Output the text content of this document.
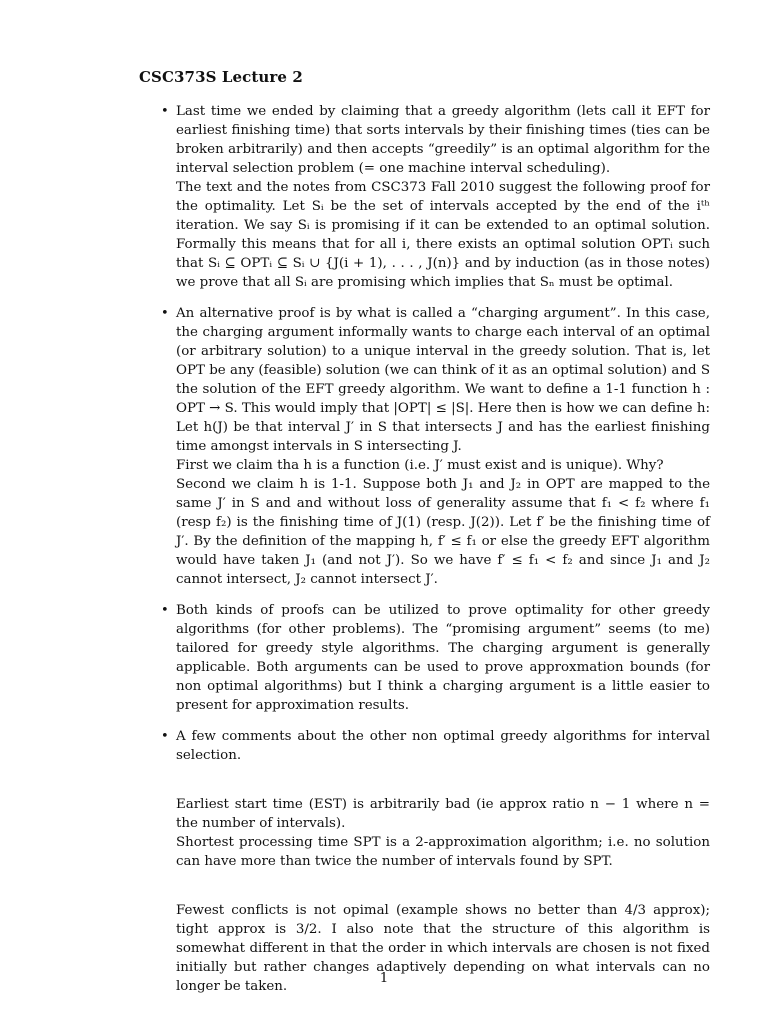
CSC373S Lecture 2
• Last time we ended by claiming that a greedy algorithm (lets call it EFT for earliest finishing time) that sorts intervals by their finishing times (ties can be broken arbitrarily) and then accepts “greedily” is an optimal algorithm for the interval selection problem (= one machine interval scheduling).

The text and the notes from CSC373 Fall 2010 suggest the following proof for the optimality. Let Sᵢ be the set of intervals accepted by the end of the iᵗʰ iteration. We say Sᵢ is promising if it can be extended to an optimal solution. Formally this means that for all i, there exists an optimal solution OPTᵢ such that Sᵢ ⊆ OPTᵢ ⊆ Sᵢ ∪ {J(i + 1), . . . , J(n)} and by induction (as in those notes) we prove that all Sᵢ are promising which implies that Sₙ must be optimal.

• An alternative proof is by what is called a “charging argument”. In this case, the charging argument informally wants to charge each interval of an optimal (or arbitrary solution) to a unique interval in the greedy solution. That is, let OPT be any (feasible) solution (we can think of it as an optimal solution) and S the solution of the EFT greedy algorithm. We want to define a 1-1 function h : OPT → S. This would imply that |OPT| ≤ |S|. Here then is how we can define h: Let h(J) be that interval J′ in S that intersects J and has the earliest finishing time amongst intervals in S intersecting J.

First we claim tha h is a function (i.e. J′ must exist and is unique). Why?

Second we claim h is 1-1. Suppose both J₁ and J₂ in OPT are mapped to the same J′ in S and and without loss of generality assume that f₁ < f₂ where f₁ (resp f₂) is the finishing time of J(1) (resp. J(2)). Let f′ be the finishing time of J′. By the definition of the mapping h, f′ ≤ f₁ or else the greedy EFT algorithm would have taken J₁ (and not J′). So we have f′ ≤ f₁ < f₂ and since J₁ and J₂ cannot intersect, J₂ cannot intersect J′.

• Both kinds of proofs can be utilized to prove optimality for other greedy algorithms (for other problems). The “promising argument” seems (to me) tailored for greedy style algorithms. The charging argument is generally applicable. Both arguments can be used to prove approxmation bounds (for non optimal algorithms) but I think a charging argument is a little easier to present for approximation results.

• A few comments about the other non optimal greedy algorithms for interval selection.

Earliest start time (EST) is arbitrarily bad (ie approx ratio n − 1 where n = the number of intervals).

Shortest processing time SPT is a 2-approximation algorithm; i.e. no solution can have more than twice the number of intervals found by SPT.

Fewest conflicts is not opimal (example shows no better than 4/3 approx); tight approx is 3/2. I also note that the structure of this algorithm is somewhat different in that the order in which intervals are chosen is not fixed initially but rather changes adaptively depending on what intervals can no longer be taken.

1
